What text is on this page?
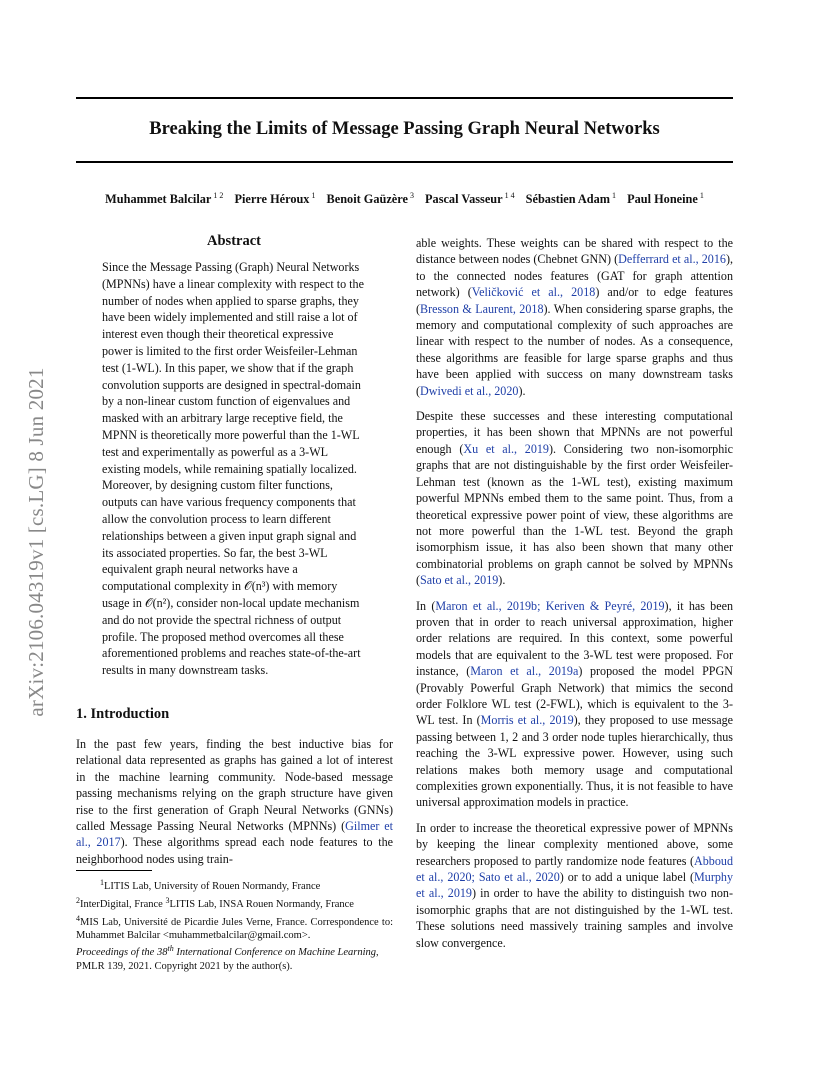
Breaking the Limits of Message Passing Graph Neural Networks
Muhammet Balcilar $^{1 2}$ Pierre Héroux $^1$ Benoit Gaüzère $^3$ Pascal Vasseur $^{1 4}$ Sébastien Adam $^1$ Paul Honeine $^1$
arXiv:2106.04319v1 [cs.LG] 8 Jun 2021
Abstract
Since the Message Passing (Graph) Neural Networks (MPNNs) have a linear complexity with respect to the number of nodes when applied to sparse graphs, they have been widely implemented and still raise a lot of interest even though their theoretical expressive power is limited to the first order Weisfeiler-Lehman test (1-WL). In this paper, we show that if the graph convolution supports are designed in spectral-domain by a non-linear custom function of eigenvalues and masked with an arbitrary large receptive field, the MPNN is theoretically more powerful than the 1-WL test and experimentally as powerful as a 3-WL existing models, while remaining spatially localized. Moreover, by designing custom filter functions, outputs can have various frequency components that allow the convolution process to learn different relationships between a given input graph signal and its associated properties. So far, the best 3-WL equivalent graph neural networks have a computational complexity in 𝒪(n³) with memory usage in 𝒪(n²), consider non-local update mechanism and do not provide the spectral richness of output profile. The proposed method overcomes all these aforementioned problems and reaches state-of-the-art results in many downstream tasks.
1. Introduction
In the past few years, finding the best inductive bias for relational data represented as graphs has gained a lot of interest in the machine learning community. Node-based message passing mechanisms relying on the graph structure have given rise to the first generation of Graph Neural Networks (GNNs) called Message Passing Neural Networks (MPNNs) (Gilmer et al., 2017). These algorithms spread each node features to the neighborhood nodes using train-

$^1$LITIS Lab, University of Rouen Normandy, France

$^2$InterDigital, France $^3$LITIS Lab, INSA Rouen Normandy, France

$^4$MIS Lab, Université de Picardie Jules Verne, France. Correspondence to: Muhammet Balcilar <muhammetbalcilar@gmail.com>.

Proceedings of the 38th International Conference on Machine Learning, PMLR 139, 2021. Copyright 2021 by the author(s).

able weights. These weights can be shared with respect to the distance between nodes (Chebnet GNN) (Defferrard et al., 2016), to the connected nodes features (GAT for graph attention network) (Veličković et al., 2018) and/or to edge features (Bresson & Laurent, 2018). When considering sparse graphs, the memory and computational complexity of such approaches are linear with respect to the number of nodes. As a consequence, these algorithms are feasible for large sparse graphs and thus have been applied with success on many downstream tasks (Dwivedi et al., 2020).

Despite these successes and these interesting computational properties, it has been shown that MPNNs are not powerful enough (Xu et al., 2019). Considering two non-isomorphic graphs that are not distinguishable by the first order Weisfeiler-Lehman test (known as the 1-WL test), existing maximum powerful MPNNs embed them to the same point. Thus, from a theoretical expressive power point of view, these algorithms are not more powerful than the 1-WL test. Beyond the graph isomorphism issue, it has also been shown that many other combinatorial problems on graph cannot be solved by MPNNs (Sato et al., 2019).

In (Maron et al., 2019b; Keriven & Peyré, 2019), it has been proven that in order to reach universal approximation, higher order relations are required. In this context, some powerful models that are equivalent to the 3-WL test were proposed. For instance, (Maron et al., 2019a) proposed the model PPGN (Provably Powerful Graph Network) that mimics the second order Folklore WL test (2-FWL), which is equivalent to the 3-WL test. In (Morris et al., 2019), they proposed to use message passing between 1, 2 and 3 order node tuples hierarchically, thus reaching the 3-WL expressive power. However, using such relations makes both memory usage and computational complexities grown exponentially. Thus, it is not feasible to have universal approximation models in practice.

In order to increase the theoretical expressive power of MPNNs by keeping the linear complexity mentioned above, some researchers proposed to partly randomize node features (Abboud et al., 2020; Sato et al., 2020) or to add a unique label (Murphy et al., 2019) in order to have the ability to distinguish two non-isomorphic graphs that are not distinguished by the 1-WL test. These solutions need massively training samples and involve slow convergence.
